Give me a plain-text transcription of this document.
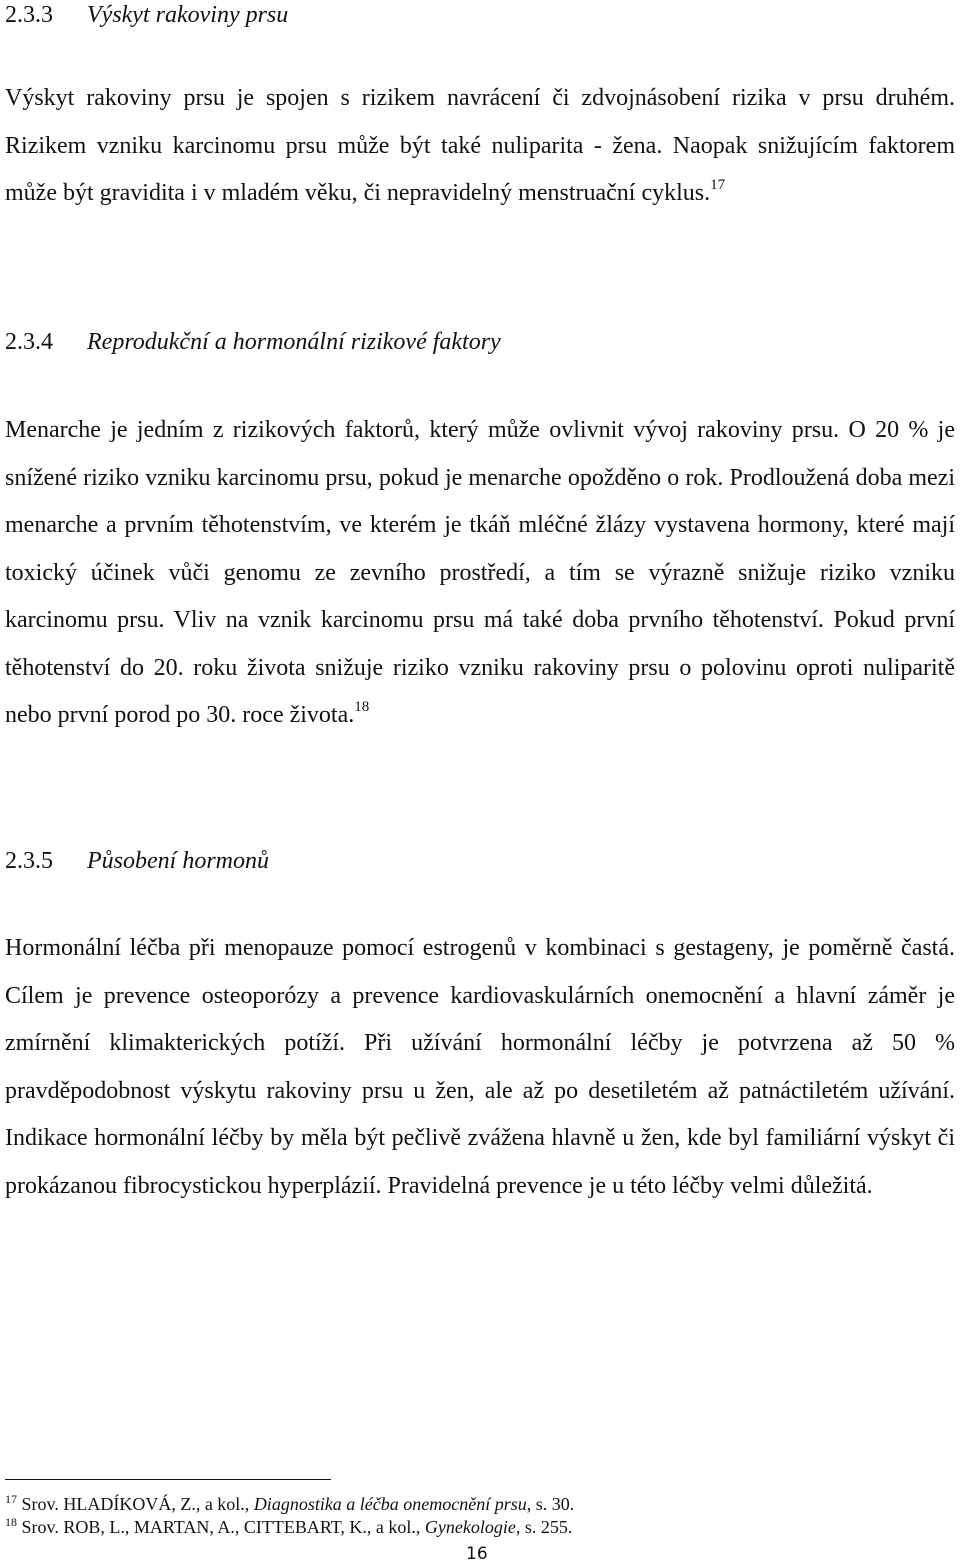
2.3.3 Výskyt rakoviny prsu
Výskyt rakoviny prsu je spojen s rizikem navrácení či zdvojnásobení rizika v prsu druhém. Rizikem vzniku karcinomu prsu může být také nuliparita - žena. Naopak snižujícím faktorem může být gravidita i v mladém věku, či nepravidelný menstruační cyklus.$^{17}$
2.3.4 Reprodukční a hormonální rizikové faktory
Menarche je jedním z rizikových faktorů, který může ovlivnit vývoj rakoviny prsu. O 20 % je snížené riziko vzniku karcinomu prsu, pokud je menarche opožděno o rok. Prodloužená doba mezi menarche a prvním těhotenstvím, ve kterém je tkáň mléčné žlázy vystavena hormony, které mají toxický účinek vůči genomu ze zevního prostředí, a tím se výrazně snižuje riziko vzniku karcinomu prsu. Vliv na vznik karcinomu prsu má také doba prvního těhotenství. Pokud první těhotenství do 20. roku života snižuje riziko vzniku rakoviny prsu o polovinu oproti nuliparitě nebo první porod po 30. roce života.$^{18}$
2.3.5 Působení hormonů
Hormonální léčba při menopauze pomocí estrogenů v kombinaci s gestageny, je poměrně častá. Cílem je prevence osteoporózy a prevence kardiovaskulárních onemocnění a hlavní záměr je zmírnění klimakterických potíží. Při užívání hormonální léčby je potvrzena až 50 % pravděpodobnost výskytu rakoviny prsu u žen, ale až po desetiletém až patnáctiletém užívání. Indikace hormonální léčby by měla být pečlivě zvážena hlavně u žen, kde byl familiární výskyt či prokázanou fibrocystickou hyperplázií. Pravidelná prevence je u této léčby velmi důležitá.
$^{17}$ Srov. HLADÍKOVÁ, Z., a kol., Diagnostika a léčba onemocnění prsu, s. 30.
$^{18}$ Srov. ROB, L., MARTAN, A., CITTEBART, K., a kol., Gynekologie, s. 255.
16
